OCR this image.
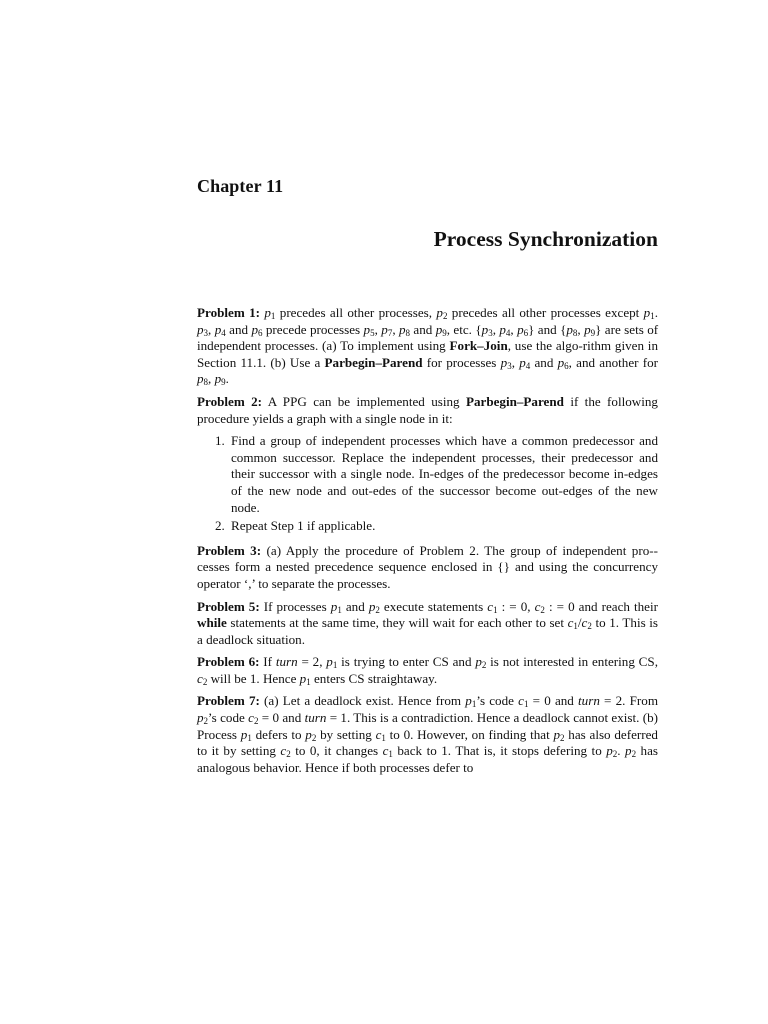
Chapter 11
Process Synchronization

Problem 1: $p_1$ precedes all other processes, $p_2$ precedes all other processes except $p_1$. $p_3$, $p_4$ and $p_6$ precede processes $p_5$, $p_7$, $p_8$ and $p_9$, etc. {$p_3$, $p_4$, $p_6$} and {$p_8$, $p_9$} are sets of independent processes. (a) To implement using Fork–Join, use the algo-rithm given in Section 11.1. (b) Use a Parbegin–Parend for processes $p_3$, $p_4$ and $p_6$, and another for $p_8$, $p_9$.

Problem 2: A PPG can be implemented using Parbegin–Parend if the following procedure yields a graph with a single node in it:

1. Find a group of independent processes which have a common predecessor and common successor. Replace the independent processes, their predecessor and their successor with a single node. In-edges of the predecessor become in-edges of the new node and out-edes of the successor become out-edges of the new node.
2. Repeat Step 1 if applicable.

Problem 3: (a) Apply the procedure of Problem 2. The group of independent pro-cesses form a nested precedence sequence enclosed in {} and using the concurrency operator ‘,’ to separate the processes.

Problem 5: If processes $p_1$ and $p_2$ execute statements $c_1$ : = 0, $c_2$ : = 0 and reach their while statements at the same time, they will wait for each other to set $c_1/c_2$ to 1. This is a deadlock situation.

Problem 6: If turn = 2, $p_1$ is trying to enter CS and $p_2$ is not interested in entering CS, $c_2$ will be 1. Hence $p_1$ enters CS straightaway.

Problem 7: (a) Let a deadlock exist. Hence from $p_1’s$ code $c_1 = 0$ and turn = 2. From $p_2’s$ code $c_2 = 0$ and turn = 1. This is a contradiction. Hence a deadlock cannot exist. (b) Process $p_1$ defers to $p_2$ by setting $c_1$ to 0. However, on finding that $p_2$ has also deferred to it by setting $c_2$ to 0, it changes $c_1$ back to 1. That is, it stops defering to $p_2$. $p_2$ has analogous behavior. Hence if both processes defer to
